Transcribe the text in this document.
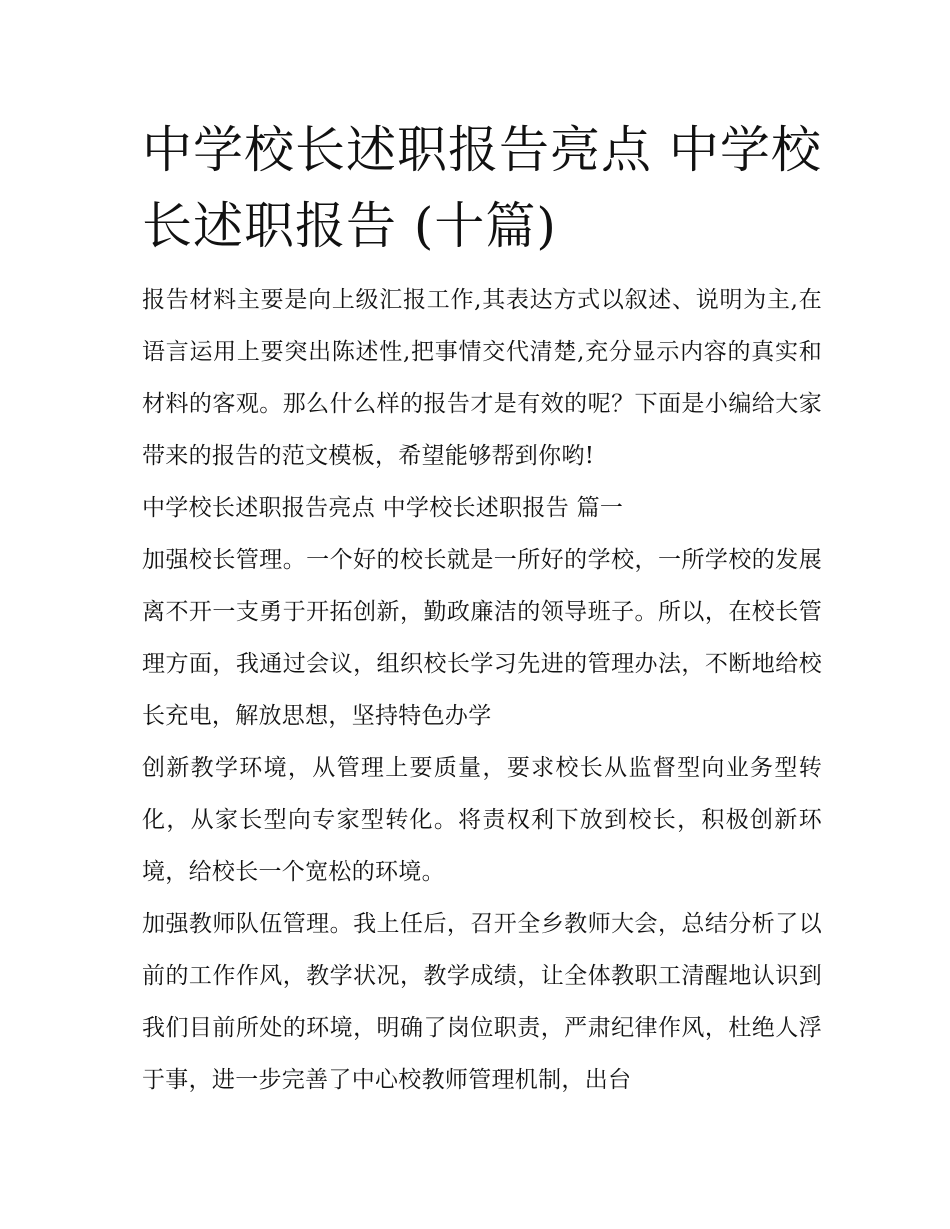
中学校长述职报告亮点 中学校长述职报告 (十篇)

报告材料主要是向上级汇报工作,其表达方式以叙述、说明为主,在语言运用上要突出陈述性,把事情交代清楚,充分显示内容的真实和材料的客观。那么什么样的报告才是有效的呢？下面是小编给大家带来的报告的范文模板，希望能够帮到你哟!

中学校长述职报告亮点 中学校长述职报告 篇一

加强校长管理。一个好的校长就是一所好的学校，一所学校的发展离不开一支勇于开拓创新，勤政廉洁的领导班子。所以，在校长管理方面，我通过会议，组织校长学习先进的管理办法，不断地给校长充电，解放思想，坚持特色办学

创新教学环境，从管理上要质量，要求校长从监督型向业务型转化，从家长型向专家型转化。将责权利下放到校长，积极创新环境，给校长一个宽松的环境。

加强教师队伍管理。我上任后，召开全乡教师大会，总结分析了以前的工作作风，教学状况，教学成绩，让全体教职工清醒地认识到我们目前所处的环境，明确了岗位职责，严肃纪律作风，杜绝人浮于事，进一步完善了中心校教师管理机制，出台
